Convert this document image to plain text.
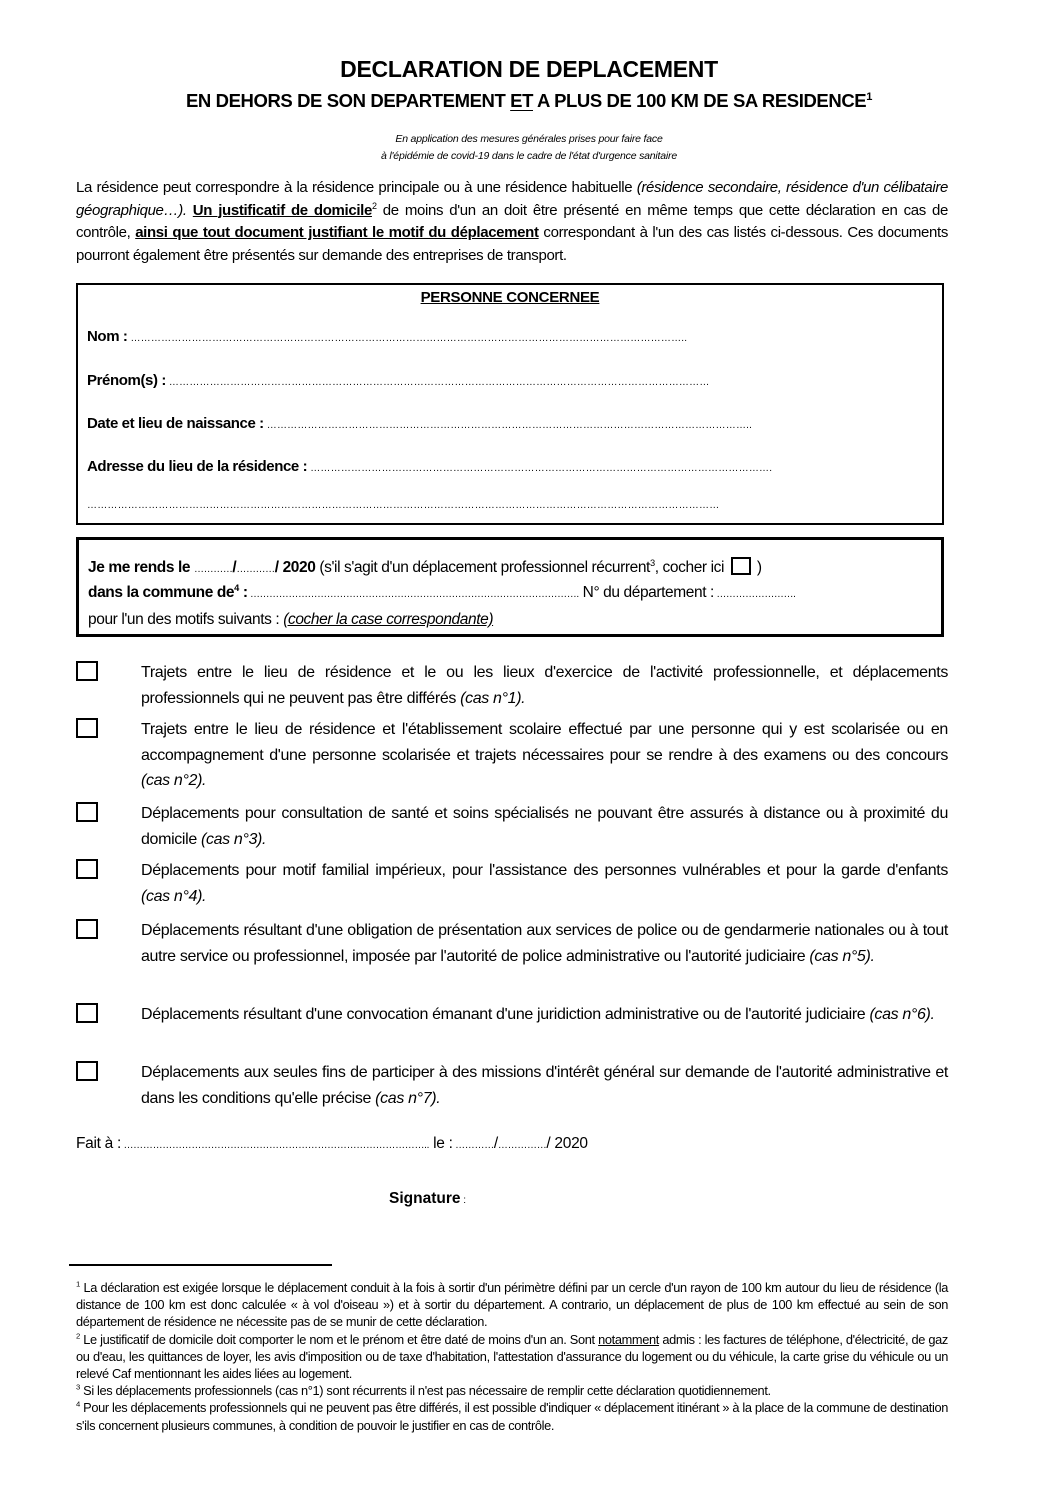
DECLARATION DE DEPLACEMENT
EN DEHORS DE SON DEPARTEMENT ET A PLUS DE 100 KM DE SA RESIDENCE$^1$
En application des mesures générales prises pour faire face
à l'épidémie de covid-19 dans le cadre de l'état d'urgence sanitaire
La résidence peut correspondre à la résidence principale ou à une résidence habituelle (résidence secondaire, résidence d'un célibataire géographique…). Un justificatif de domicile$^2$ de moins d'un an doit être présenté en même temps que cette déclaration en cas de contrôle, ainsi que tout document justifiant le motif du déplacement correspondant à l'un des cas listés ci-dessous. Ces documents pourront également être présentés sur demande des entreprises de transport.
PERSONNE CONCERNEE
Nom : ………………………………………………………………………………………………………………………………………………..
Prénom(s) : ……………………………………………………………………………………………………………………………………………
Date et lieu de naissance : ……………………………………………………………………………………………………………………………..
Adresse du lieu de la résidence : ……………………………………………………………………………………………………………………….
……………………………………………………………………………………………………………………………………………………………………
Je me rends le …………/…………/ 2020 (s'il s'agit d'un déplacement professionnel récurrent$^3$, cocher ici  )
dans la commune $de^4$ : …………………………………………………………………………………………. N° du département : …………………….
pour l'un des motifs suivants : (cocher la case correspondante)
Trajets entre le lieu de résidence et le ou les lieux d'exercice de l'activité professionnelle, et déplacements professionnels qui ne peuvent pas être différés (cas n°1).
Trajets entre le lieu de résidence et l'établissement scolaire effectué par une personne qui y est scolarisée ou en accompagnement d'une personne scolarisée et trajets nécessaires pour se rendre à des examens ou des concours (cas n°2).
Déplacements pour consultation de santé et soins spécialisés ne pouvant être assurés à distance ou à proximité du domicile (cas n°3).
Déplacements pour motif familial impérieux, pour l'assistance des personnes vulnérables et pour la garde d'enfants (cas n°4).
Déplacements résultant d'une obligation de présentation aux services de police ou de gendarmerie nationales ou à tout autre service ou professionnel, imposée par l'autorité de police administrative ou l'autorité judiciaire (cas n°5).
Déplacements résultant d'une convocation émanant d'une juridiction administrative ou de l'autorité judiciaire (cas n°6).
Déplacements aux seules fins de participer à des missions d'intérêt général sur demande de l'autorité administrative et dans les conditions qu'elle précise (cas n°7).
Fait à : ………………………………………………………………………………….. le : …………/……………/ 2020
Signature :

$^1$ La déclaration est exigée lorsque le déplacement conduit à la fois à sortir d'un périmètre défini par un cercle d'un rayon de 100 km autour du lieu de résidence (la distance de 100 km est donc calculée « à vol d'oiseau ») et à sortir du département. A contrario, un déplacement de plus de 100 km effectué au sein de son département de résidence ne nécessite pas de se munir de cette déclaration.

$^2$ Le justificatif de domicile doit comporter le nom et le prénom et être daté de moins d'un an. Sont notamment admis : les factures de téléphone, d'électricité, de gaz ou d'eau, les quittances de loyer, les avis d'imposition ou de taxe d'habitation, l'attestation d'assurance du logement ou du véhicule, la carte grise du véhicule ou un relevé Caf mentionnant les aides liées au logement.

$^3$ Si les déplacements professionnels (cas n°1) sont récurrents il n'est pas nécessaire de remplir cette déclaration quotidiennement.

$^4$ Pour les déplacements professionnels qui ne peuvent pas être différés, il est possible d'indiquer « déplacement itinérant » à la place de la commune de destination s'ils concernent plusieurs communes, à condition de pouvoir le justifier en cas de contrôle.
